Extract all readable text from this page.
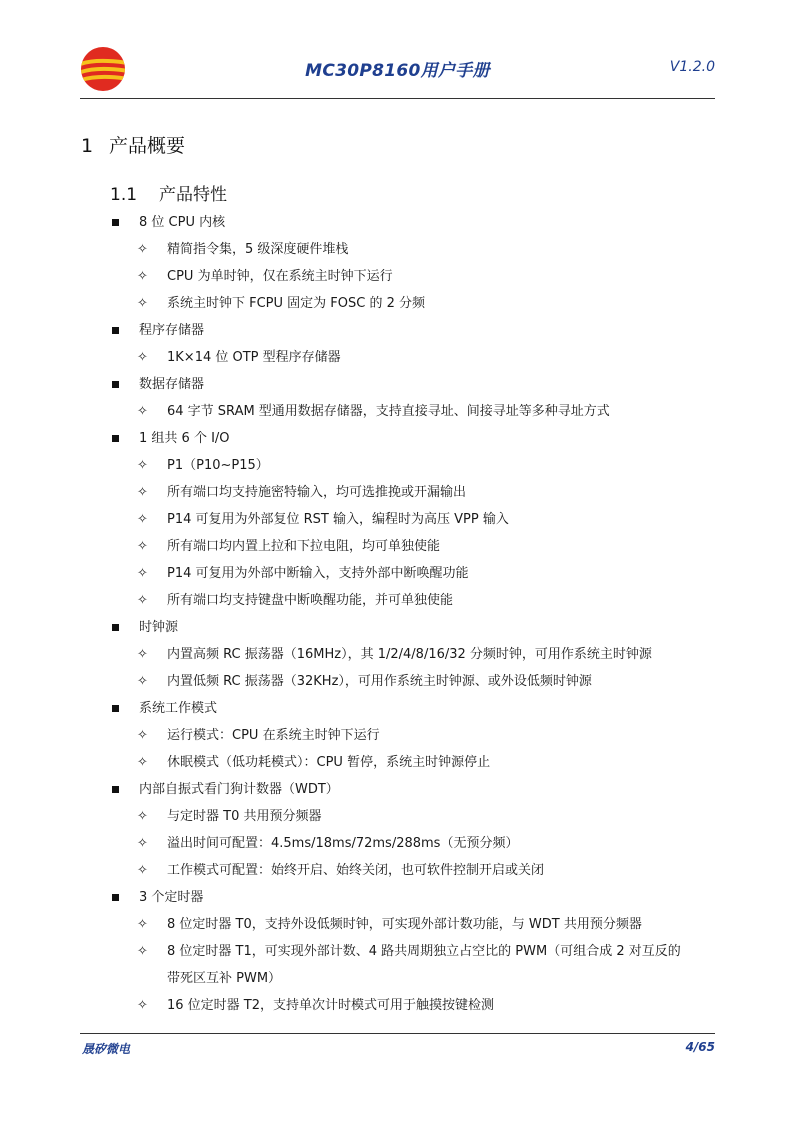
MC30P8160用户手册	V1.2.0
1 产品概要
1.1 产品特性
8 位 CPU 内核
✧ 精简指令集，5 级深度硬件堆栈
✧ CPU 为单时钟，仅在系统主时钟下运行
✧ 系统主时钟下 FCPU 固定为 FOSC 的 2 分频
程序存储器
✧ 1K×14 位 OTP 型程序存储器
数据存储器
✧ 64 字节 SRAM 型通用数据存储器，支持直接寻址、间接寻址等多种寻址方式
1 组共 6 个 I/O
✧ P1（P10~P15）
✧ 所有端口均支持施密特输入，均可选推挽或开漏输出
✧ P14 可复用为外部复位 RST 输入，编程时为高压 VPP 输入
✧ 所有端口均内置上拉和下拉电阻，均可单独使能
✧ P14 可复用为外部中断输入，支持外部中断唤醒功能
✧ 所有端口均支持键盘中断唤醒功能，并可单独使能
时钟源
✧ 内置高频 RC 振荡器（16MHz），其 1/2/4/8/16/32 分频时钟，可用作系统主时钟源
✧ 内置低频 RC 振荡器（32KHz），可用作系统主时钟源、或外设低频时钟源
系统工作模式
✧ 运行模式：CPU 在系统主时钟下运行
✧ 休眠模式（低功耗模式）：CPU 暂停，系统主时钟源停止
内部自振式看门狗计数器（WDT）
✧ 与定时器 T0 共用预分频器
✧ 溢出时间可配置：4.5ms/18ms/72ms/288ms（无预分频）
✧ 工作模式可配置：始终开启、始终关闭，也可软件控制开启或关闭
3 个定时器
✧ 8 位定时器 T0，支持外设低频时钟，可实现外部计数功能，与 WDT 共用预分频器
✧ 8 位定时器 T1，可实现外部计数、4 路共周期独立占空比的 PWM（可组合成 2 对互反的
带死区互补 PWM）
✧ 16 位定时器 T2，支持单次计时模式可用于触摸按键检测
晟矽微电	4/65
